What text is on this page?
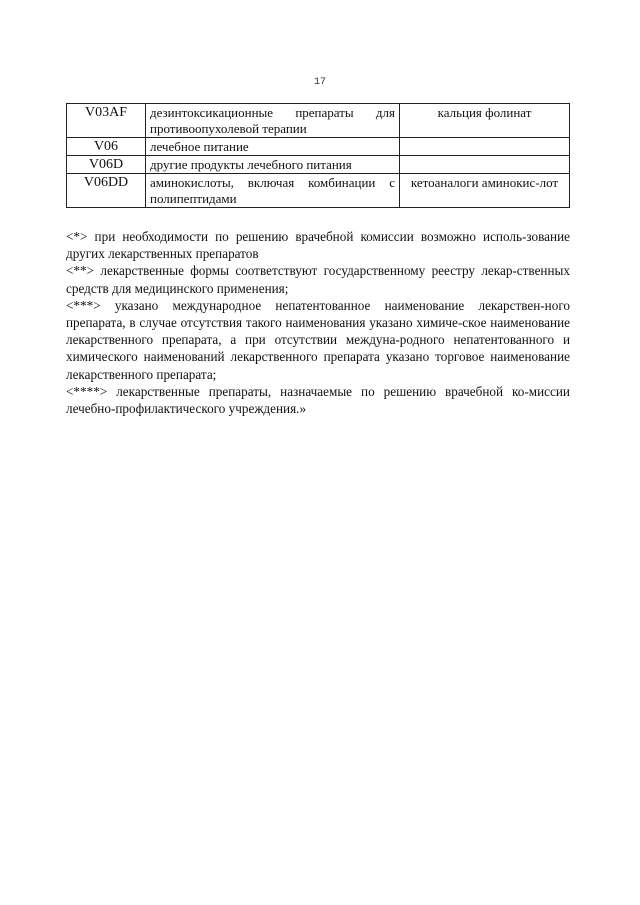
17
V03AF	дезинтоксикационные препараты для противоопухолевой терапии	кальция фолинат
V06	лечебное питание	
V06D	другие продукты лечебного питания	
V06DD	аминокислоты, включая комбинации с полипептидами	кетоаналоги аминокис-лот

<*> при необходимости по решению врачебной комиссии возможно исполь-зование других лекарственных препаратов

<**> лекарственные формы соответствуют государственному реестру лекар-ственных средств для медицинского применения;

<***> указано международное непатентованное наименование лекарствен-ного препарата, в случае отсутствия такого наименования указано химиче-ское наименование лекарственного препарата, а при отсутствии междуна-родного непатентованного и химического наименований лекарственного препарата указано торговое наименование лекарственного препарата;

<****> лекарственные препараты, назначаемые по решению врачебной ко-миссии лечебно-профилактического учреждения.»
